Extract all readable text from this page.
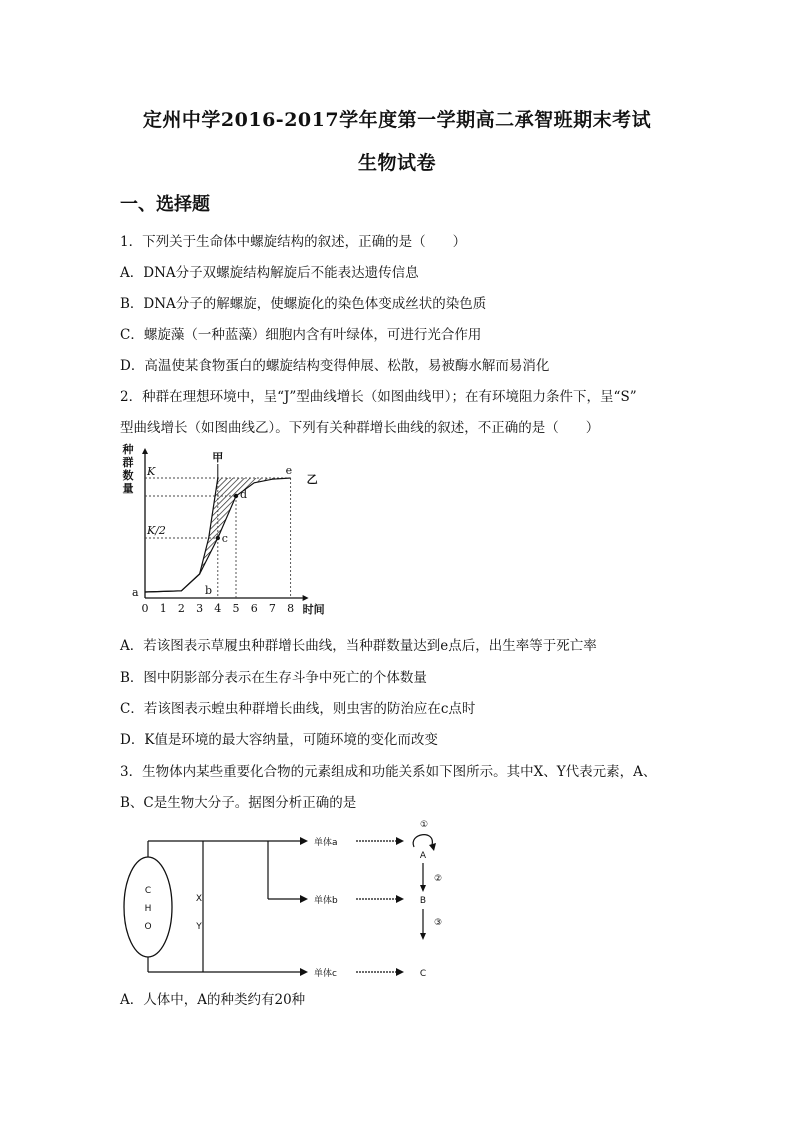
定州中学2016-2017学年度第一学期高二承智班期末考试
生物试卷
一、选择题
1．下列关于生命体中螺旋结构的叙述，正确的是（　　）
A．DNA分子双螺旋结构解旋后不能表达遗传信息
B．DNA分子的解螺旋，使螺旋化的染色体变成丝状的染色质
C．螺旋藻（一种蓝藻）细胞内含有叶绿体，可进行光合作用
D．高温使某食物蛋白的螺旋结构变得伸展、松散，易被酶水解而易消化
2．种群在理想环境中，呈“J”型曲线增长（如图曲线甲）；在有环境阻力条件下，呈“S”
型曲线增长（如图曲线乙）。下列有关种群增长曲线的叙述，不正确的是（　　）
0 1 2 3 4 5 6 7 8 时间
K
K/2
种
群
数
量
甲
乙
a	b
c
d
e
A．若该图表示草履虫种群增长曲线，当种群数量达到e点后，出生率等于死亡率
B．图中阴影部分表示在生存斗争中死亡的个体数量
C．若该图表示蝗虫种群增长曲线，则虫害的防治应在c点时
D．K值是环境的最大容纳量，可随环境的变化而改变
3．生物体内某些重要化合物的元素组成和功能关系如下图所示。其中X、Y代表元素，A、
B、C是生物大分子。据图分析正确的是
C
H
O
X
Y
单体a
单体b
单体c
A
B
C
①
②
③
A．人体中，A的种类约有20种
